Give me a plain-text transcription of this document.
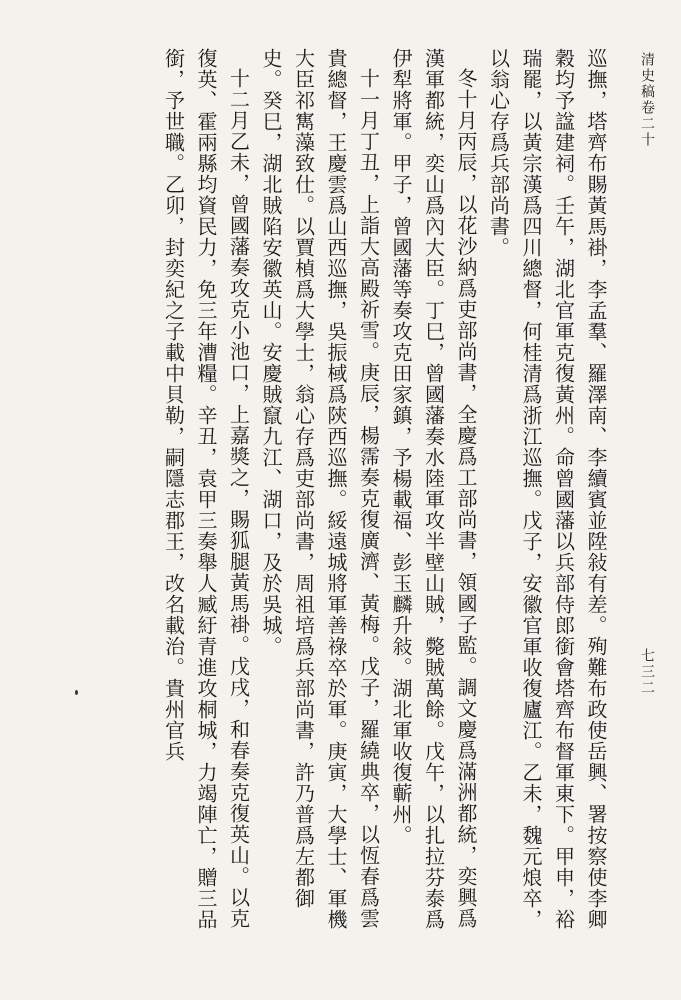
清史稿卷二十
七三二

巡撫，塔齊布賜黃馬褂，李孟羣、羅澤南、李續賓並陞敍有差。殉難布政使岳興、署按察使李卿穀均予諡建祠。壬午，湖北官軍克復黃州。命曾國藩以兵部侍郎銜會塔齊布督軍東下。甲申，裕瑞罷，以黃宗漢爲四川總督，何桂清爲浙江巡撫。戊子，安徽官軍收復廬江。乙未，魏元烺卒，以翁心存爲兵部尚書。

冬十月丙辰，以花沙納爲吏部尚書，全慶爲工部尚書，領國子監。調文慶爲滿洲都統，奕興爲漢軍都統，奕山爲內大臣。丁巳，曾國藩奏水陸軍攻半壁山賊，斃賊萬餘。戊午，以扎拉芬泰爲伊犁將軍。甲子，曾國藩等奏攻克田家鎮，予楊載福、彭玉麟升敍。湖北軍收復蘄州。

十一月丁丑，上詣大高殿祈雪。庚辰，楊霈奏克復廣濟、黃梅。戊子，羅繞典卒，以恆春爲雲貴總督，王慶雲爲山西巡撫，吳振棫爲陝西巡撫。綏遠城將軍善祿卒於軍。庚寅，大學士、軍機大臣祁寯藻致仕。以賈楨爲大學士，翁心存爲吏部尚書，周祖培爲兵部尚書，許乃普爲左都御史。癸巳，湖北賊陷安徽英山。安慶賊竄九江、湖口，及於吳城。

十二月乙未，曾國藩奏攻克小池口，上嘉獎之，賜狐腿黃馬褂。戊戌，和春奏克復英山。以克復英、霍兩縣均資民力，免三年漕糧。辛丑，袁甲三奏舉人臧紆青進攻桐城，力竭陣亡，贈三品銜，予世職。乙卯，封奕紀之子載中貝勒，嗣隱志郡王，改名載治。貴州官兵
